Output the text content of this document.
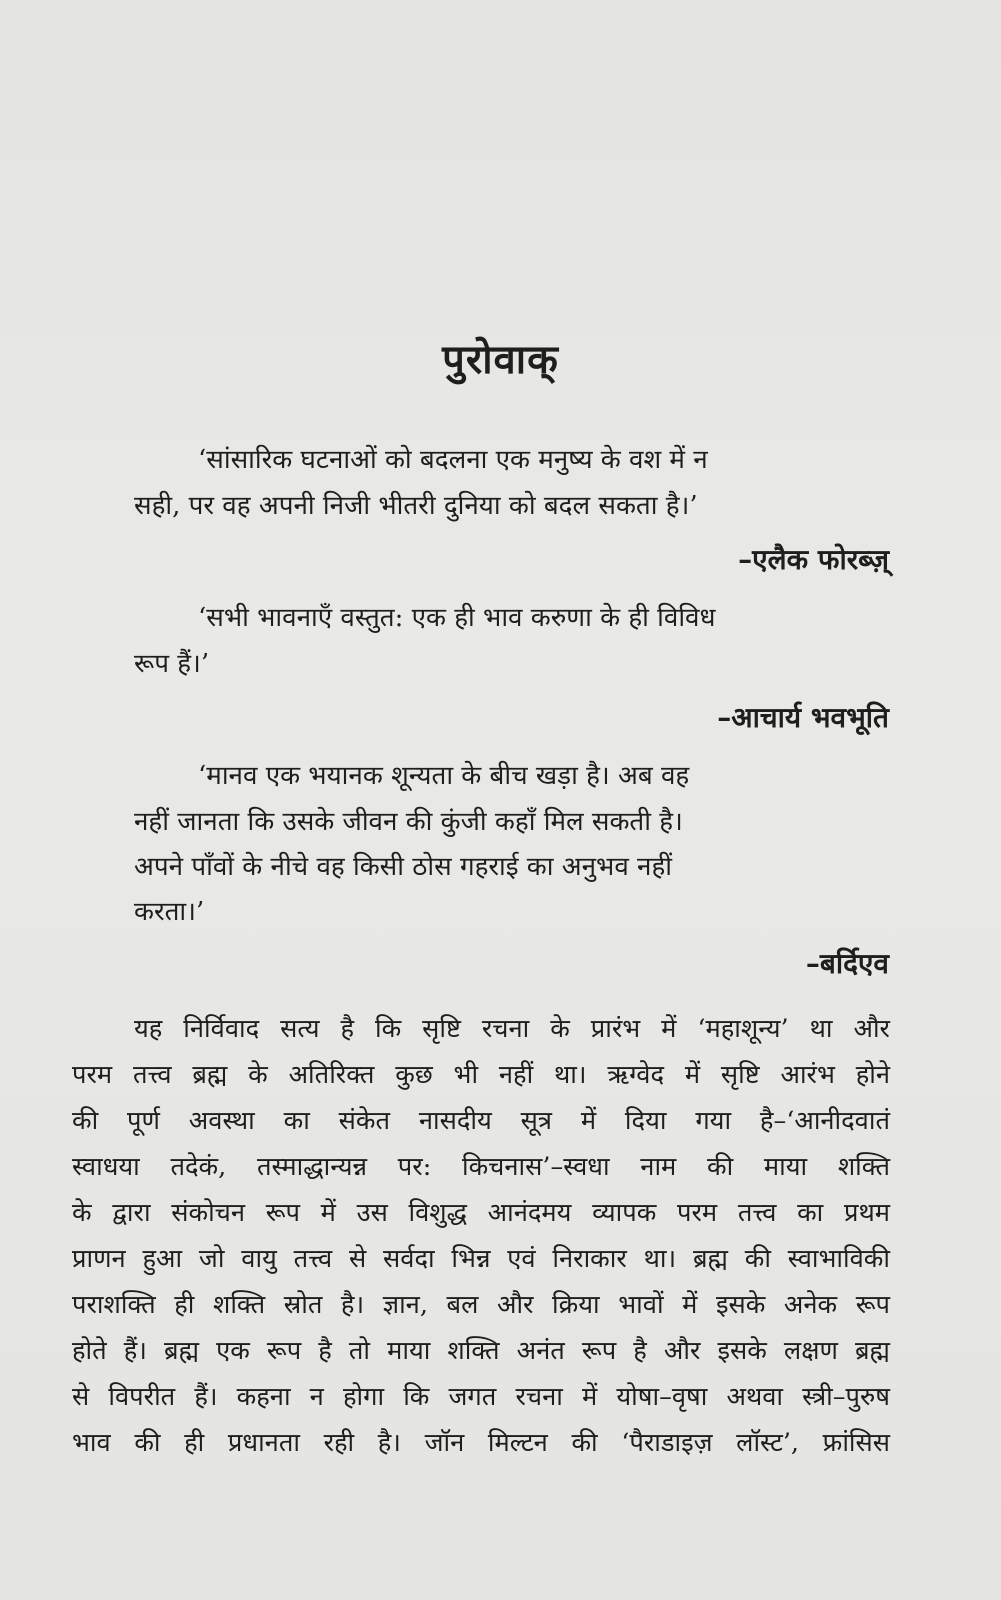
पुरोवाक्
‘सांसारिक घटनाओं को बदलना एक मनुष्य के वश में न
सही, पर वह अपनी निजी भीतरी दुनिया को बदल सकता है।’
–एलैक फोरब्ज़्
‘सभी भावनाएँ वस्तुत: एक ही भाव करुणा के ही विविध
रूप हैं।’
–आचार्य भवभूति
‘मानव एक भयानक शून्यता के बीच खड़ा है। अब वह
नहीं जानता कि उसके जीवन की कुंजी कहाँ मिल सकती है।
अपने पाँवों के नीचे वह किसी ठोस गहराई का अनुभव नहीं
करता।’
–बर्दिएव
यह निर्विवाद सत्य है कि सृष्टि रचना के प्रारंभ में ‘महाशून्य’ था और
परम तत्त्व ब्रह्म के अतिरिक्त कुछ भी नहीं था। ऋग्वेद में सृष्टि आरंभ होने
की पूर्ण अवस्था का संकेत नासदीय सूत्र में दिया गया है–‘आनीदवातं
स्वाधया तदेकं, तस्माद्धान्यन्न पर: किचनास’–स्वधा नाम की माया शक्ति
के द्वारा संकोचन रूप में उस विशुद्ध आनंदमय व्यापक परम तत्त्व का प्रथम
प्राणन हुआ जो वायु तत्त्व से सर्वदा भिन्न एवं निराकार था। ब्रह्म की स्वाभाविकी
पराशक्ति ही शक्ति स्रोत है। ज्ञान, बल और क्रिया भावों में इसके अनेक रूप
होते हैं। ब्रह्म एक रूप है तो माया शक्ति अनंत रूप है और इसके लक्षण ब्रह्म
से विपरीत हैं। कहना न होगा कि जगत रचना में योषा–वृषा अथवा स्त्री–पुरुष
भाव की ही प्रधानता रही है। जॉन मिल्टन की ‘पैराडाइज़ लॉस्ट’, फ्रांसिस
